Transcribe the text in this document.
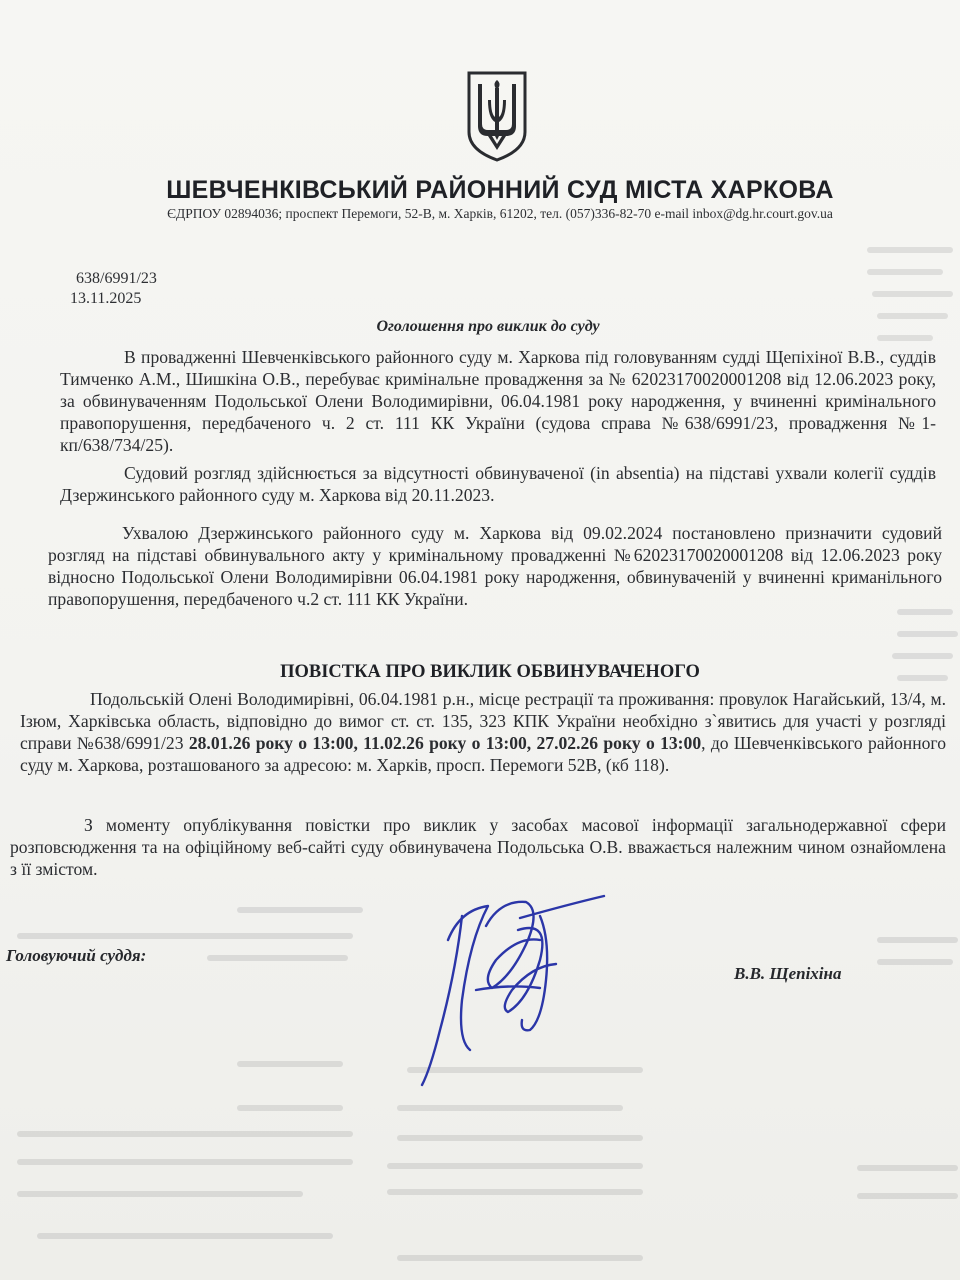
ШЕВЧЕНКІВСЬКИЙ РАЙОННИЙ СУД МІСТА ХАРКОВА
ЄДРПОУ 02894036; проспект Перемоги, 52-В, м. Харків, 61202, тел. (057)336-82-70 e-mail inbox@dg.hr.court.gov.ua
638/6991/23
13.11.2025
Оголошення про виклик до суду

В провадженні Шевченківського районного суду м. Харкова під головуванням судді Щепіхіної В.В., суддів Тимченко А.М., Шишкіна О.В., перебуває кримінальне провадження за № 62023170020001208 від 12.06.2023 року, за обвинуваченням Подольської Олени Володимирівни, 06.04.1981 року народження, у вчиненні кримінального правопорушення, передбаченого ч. 2 ст. 111 КК України (судова справа №638/6991/23, провадження №1-кп/638/734/25).

Судовий розгляд здійснюється за відсутності обвинуваченої (in absentia) на підставі ухвали колегії суддів Дзержинського районного суду м. Харкова від 20.11.2023.

Ухвалою Дзержинського районного суду м. Харкова від 09.02.2024 постановлено призначити судовий розгляд на підставі обвинувального акту у кримінальному провадженні №62023170020001208 від 12.06.2023 року відносно Подольської Олени Володимирівни 06.04.1981 року народження, обвинуваченій у вчиненні криманільного правопорушення, передбаченого ч.2 ст. 111 КК України.

ПОВІСТКА ПРО ВИКЛИК ОБВИНУВАЧЕНОГО

Подольській Олені Володимирівні, 06.04.1981 р.н., місце рестрації та проживання: провулок Нагайський, 13/4, м. Ізюм, Харківська область, відповідно до вимог ст. ст. 135, 323 КПК України необхідно з`явитись для участі у розгляді справи №638/6991/23 28.01.26 року о 13:00, 11.02.26 року о 13:00, 27.02.26 року о 13:00, до Шевченківського районного суду м. Харкова, розташованого за адресою: м. Харків, просп. Перемоги 52В, (кб 118).

З моменту опублікування повістки про виклик у засобах масової інформації загальнодержавної сфери розповсюдження та на офіційному веб-сайті суду обвинувачена Подольська О.В. вважається належним чином ознайомлена з її змістом.

Головуючий суддя:
В.В. Щепіхіна
